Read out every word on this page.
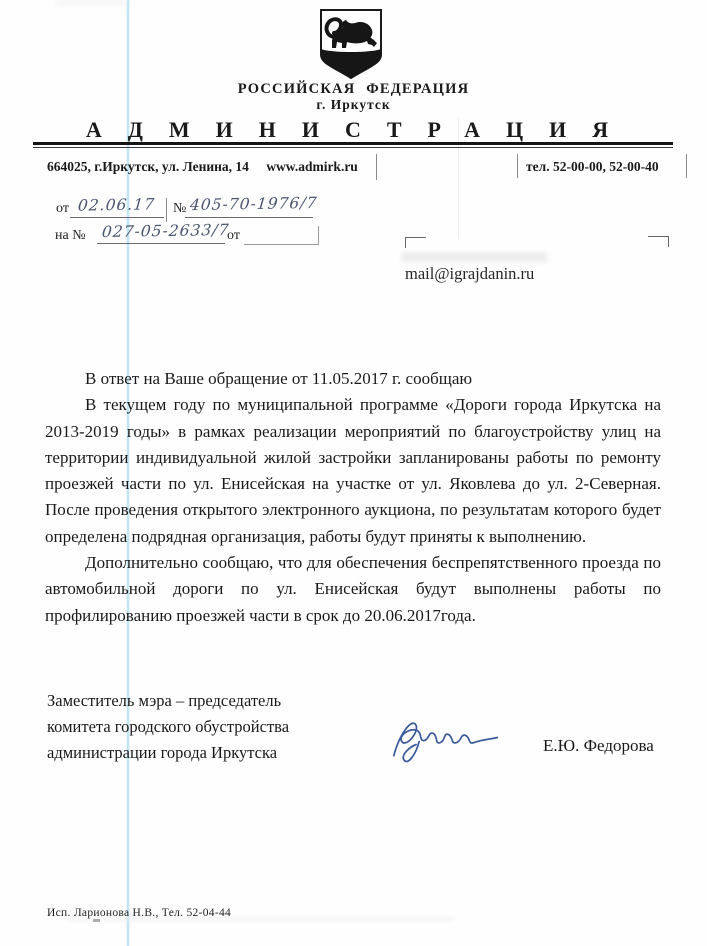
РОССИЙСКАЯ ФЕДЕРАЦИЯ
г. Иркутск
АДМИНИСТРАЦИЯ
664025, г.Иркутск, ул. Ленина, 14 www.admirk.ru	тел. 52-00-00, 52-00-40
от 02.06.17 № 405-70-1976/7
на № 027-05-2633/7
от
mail@igrajdanin.ru

В ответ на Ваше обращение от 11.05.2017 г. сообщаю

В текущем году по муниципальной программе «Дороги города Иркутска на 2013-2019 годы» в рамках реализации мероприятий по благоустройству улиц на территории индивидуальной жилой застройки запланированы работы по ремонту проезжей части по ул. Енисейская на участке от ул. Яковлева до ул. 2-Северная. После проведения открытого электронного аукциона, по результатам которого будет определена подрядная организация, работы будут приняты к выполнению.

Дополнительно сообщаю, что для обеспечения беспрепятственного проезда по автомобильной дороги по ул. Енисейская будут выполнены работы по профилированию проезжей части в срок до 20.06.2017года.

Заместитель мэра – председатель
комитета городского обустройства
администрации города Иркутска	Е.Ю. Федорова
Исп. Ларионова Н.В., Тел. 52-04-44
